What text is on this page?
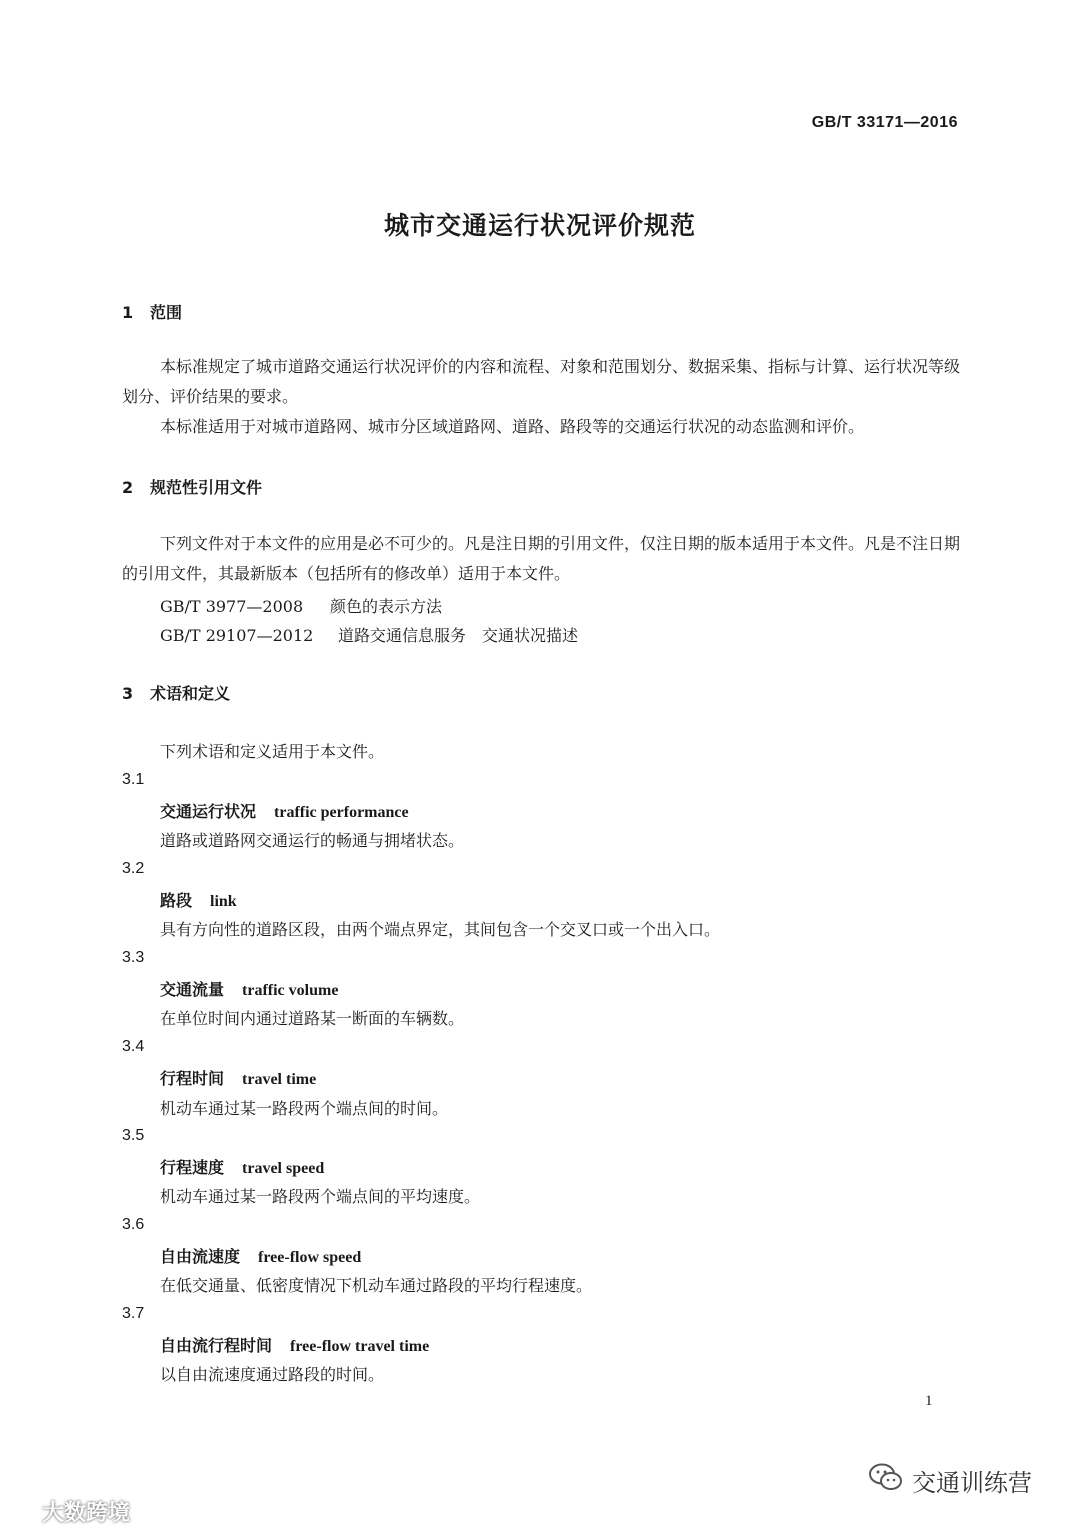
GB/T 33171—2016
城市交通运行状况评价规范
1 范围
本标准规定了城市道路交通运行状况评价的内容和流程、对象和范围划分、数据采集、指标与计算、运行状况等级划分、评价结果的要求。
本标准适用于对城市道路网、城市分区域道路网、道路、路段等的交通运行状况的动态监测和评价。
2 规范性引用文件
下列文件对于本文件的应用是必不可少的。凡是注日期的引用文件，仅注日期的版本适用于本文件。凡是不注日期的引用文件，其最新版本（包括所有的修改单）适用于本文件。
GB/T 3977—2008 颜色的表示方法
GB/T 29107—2012 道路交通信息服务　交通状况描述
3 术语和定义
下列术语和定义适用于本文件。
3.1
交通运行状况 traffic performance
道路或道路网交通运行的畅通与拥堵状态。
3.2
路段 link
具有方向性的道路区段，由两个端点界定，其间包含一个交叉口或一个出入口。
3.3
交通流量 traffic volume
在单位时间内通过道路某一断面的车辆数。
3.4
行程时间 travel time
机动车通过某一路段两个端点间的时间。
3.5
行程速度 travel speed
机动车通过某一路段两个端点间的平均速度。
3.6
自由流速度 free-flow speed
在低交通量、低密度情况下机动车通过路段的平均行程速度。
3.7
自由流行程时间 free-flow travel time
以自由流速度通过路段的时间。
1
大数跨境
交通训练营
